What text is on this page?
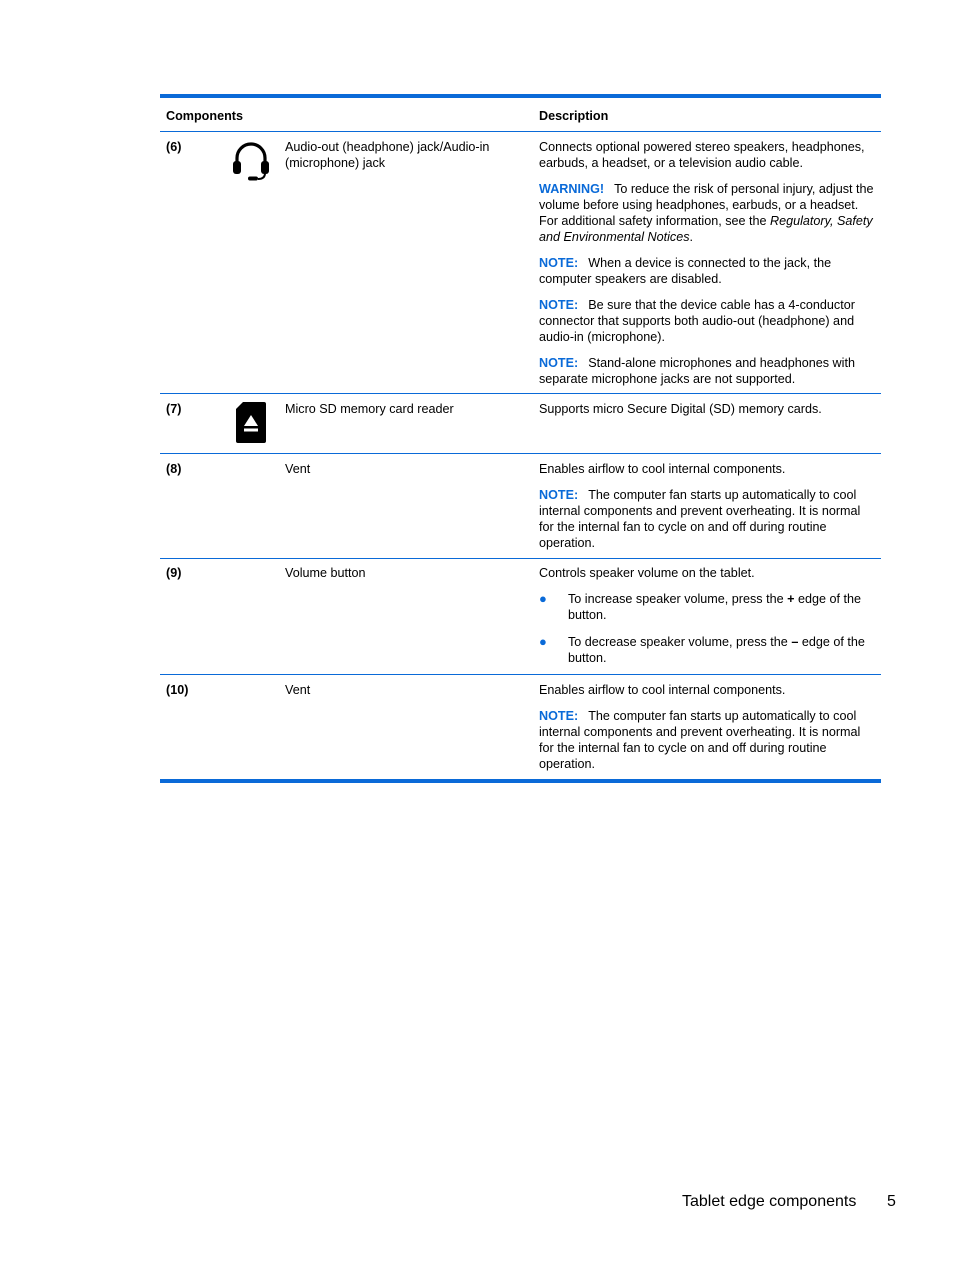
Components	Description
(6)	Audio-out (headphone) jack/Audio-in (microphone) jack

Connects optional powered stereo speakers, headphones, earbuds, a headset, or a television audio cable.

WARNING! To reduce the risk of personal injury, adjust the volume before using headphones, earbuds, or a headset. For additional safety information, see the Regulatory, Safety and Environmental Notices.

NOTE: When a device is connected to the jack, the computer speakers are disabled.

NOTE: Be sure that the device cable has a 4-conductor connector that supports both audio-out (headphone) and audio-in (microphone).

NOTE: Stand-alone microphones and headphones with separate microphone jacks are not supported.

(7)	Micro SD memory card reader	Supports micro Secure Digital (SD) memory cards.

(8)	Vent	Enables airflow to cool internal components.

NOTE: The computer fan starts up automatically to cool internal components and prevent overheating. It is normal for the internal fan to cycle on and off during routine operation.

(9)	Volume button	Controls speaker volume on the tablet.

● To increase speaker volume, press the + edge of the button.
● To decrease speaker volume, press the – edge of the button.
(10)	Vent	Enables airflow to cool internal components.

NOTE: The computer fan starts up automatically to cool internal components and prevent overheating. It is normal for the internal fan to cycle on and off during routine operation.

Tablet edge components 5
